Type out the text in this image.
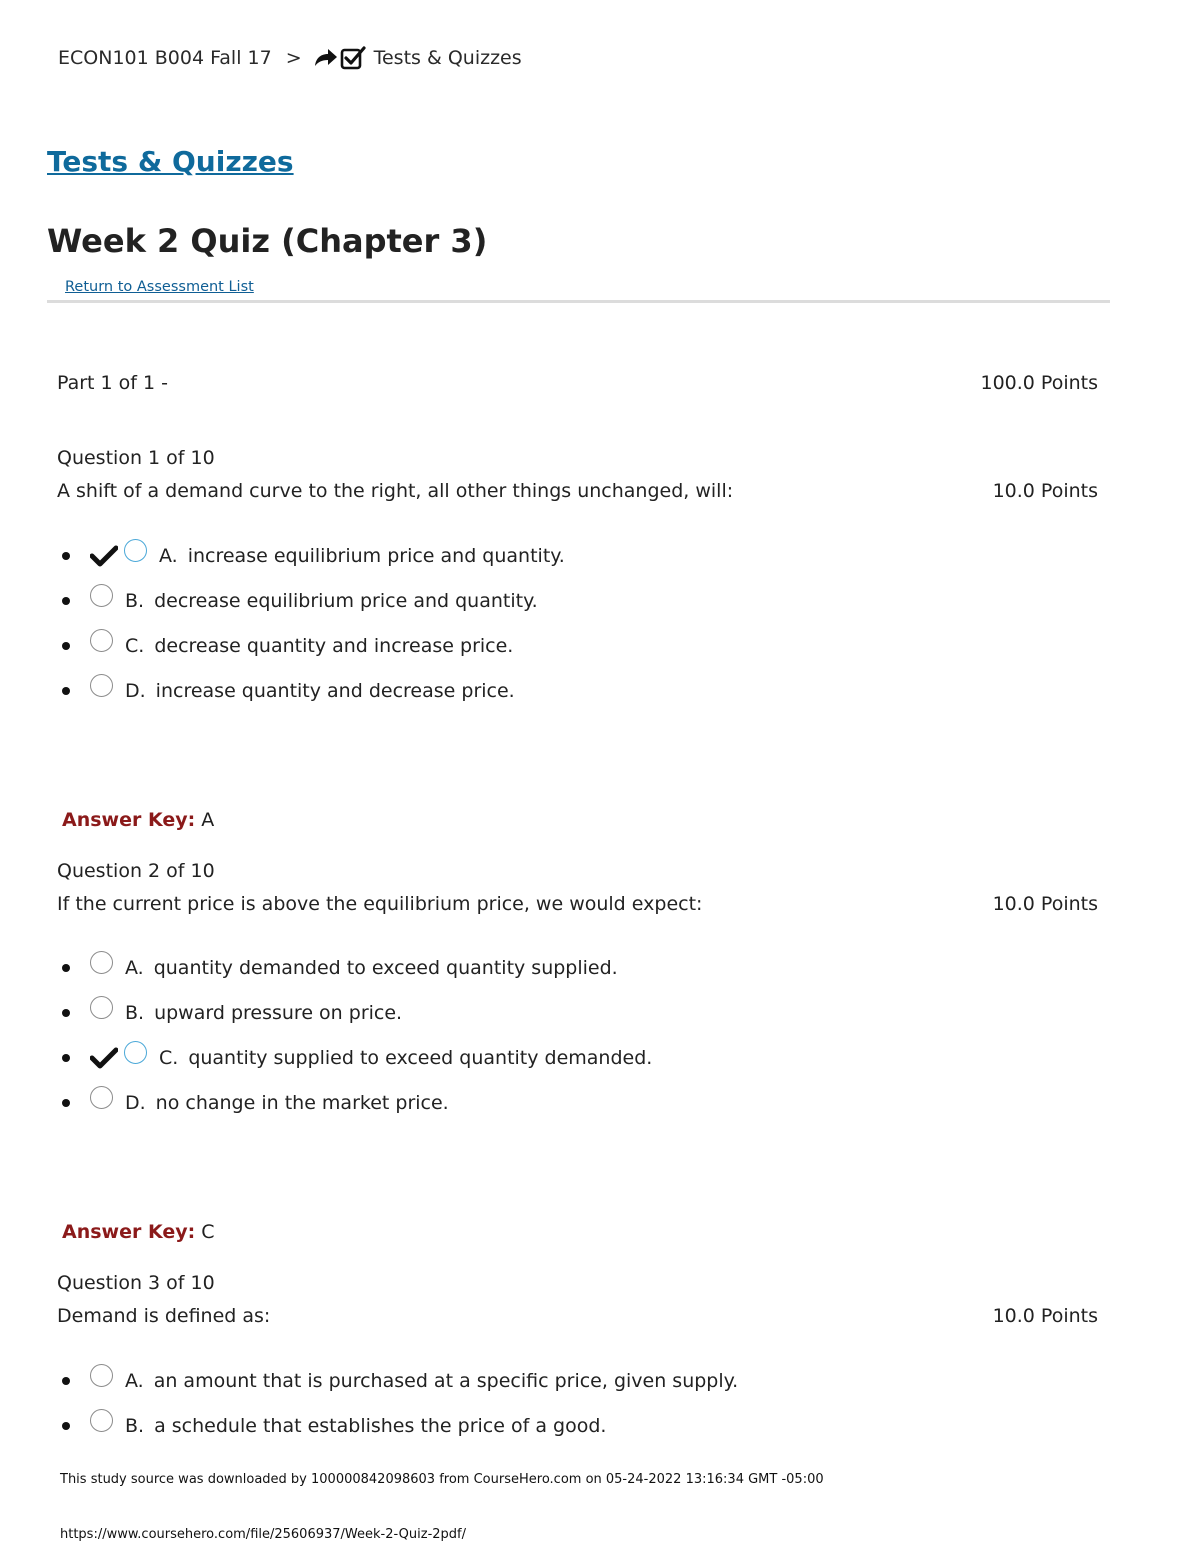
ECON101 B004 Fall 17 >	Tests & Quizzes
Tests & Quizzes
Week 2 Quiz (Chapter 3)
Return to Assessment List
Part 1 of 1 -	100.0 Points
Question 1 of 10
A shift of a demand curve to the right, all other things unchanged, will:	10.0 Points
A. increase equilibrium price and quantity.
B. decrease equilibrium price and quantity.
C. decrease quantity and increase price.
D. increase quantity and decrease price.
Answer Key: A
Question 2 of 10
If the current price is above the equilibrium price, we would expect:	10.0 Points
A. quantity demanded to exceed quantity supplied.
B. upward pressure on price.
C. quantity supplied to exceed quantity demanded.
D. no change in the market price.
Answer Key: C
Question 3 of 10
Demand is defined as:	10.0 Points
A. an amount that is purchased at a specific price, given supply.
B. a schedule that establishes the price of a good.
This study source was downloaded by 100000842098603 from CourseHero.com on 05-24-2022 13:16:34 GMT -05:00
https://www.coursehero.com/file/25606937/Week-2-Quiz-2pdf/
